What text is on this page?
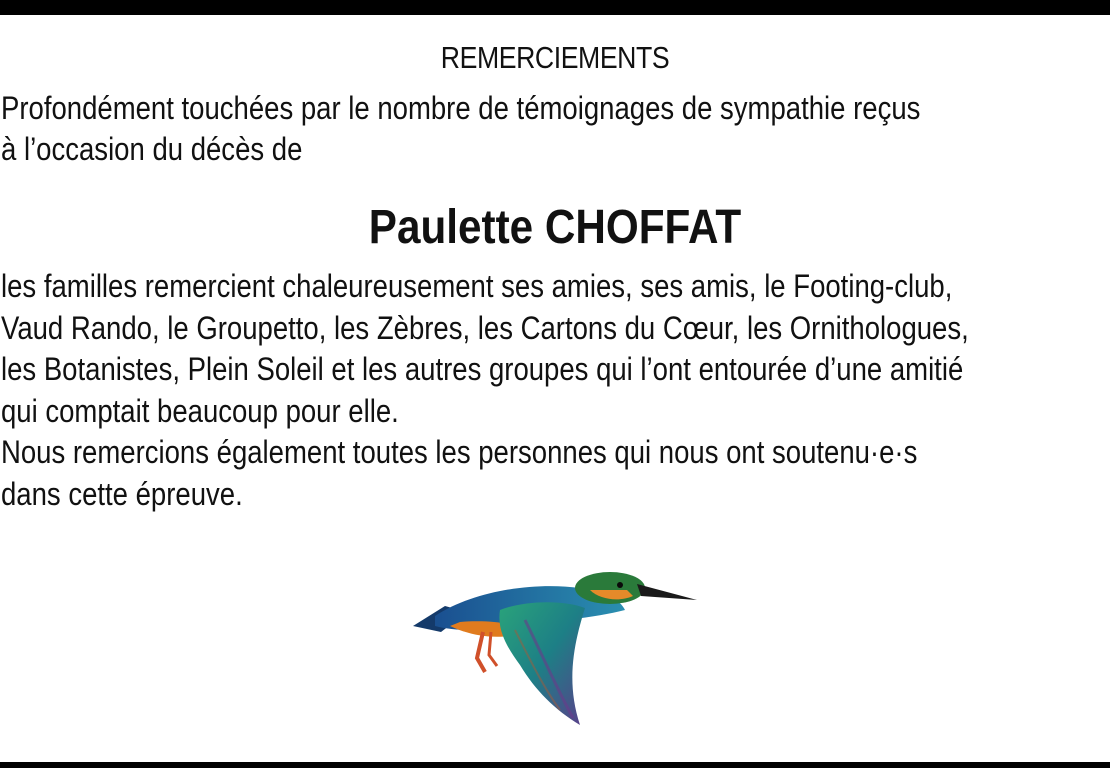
REMERCIEMENTS
Profondément touchées par le nombre de témoignages de sympathie reçus
à l’occasion du décès de
Paulette CHOFFAT
les familles remercient chaleureusement ses amies, ses amis, le Footing-club,
Vaud Rando, le Groupetto, les Zèbres, les Cartons du Cœur, les Ornithologues,
les Botanistes, Plein Soleil et les autres groupes qui l’ont entourée d’une amitié
qui comptait beaucoup pour elle.
Nous remercions également toutes les personnes qui nous ont soutenu·e·s
dans cette épreuve.
